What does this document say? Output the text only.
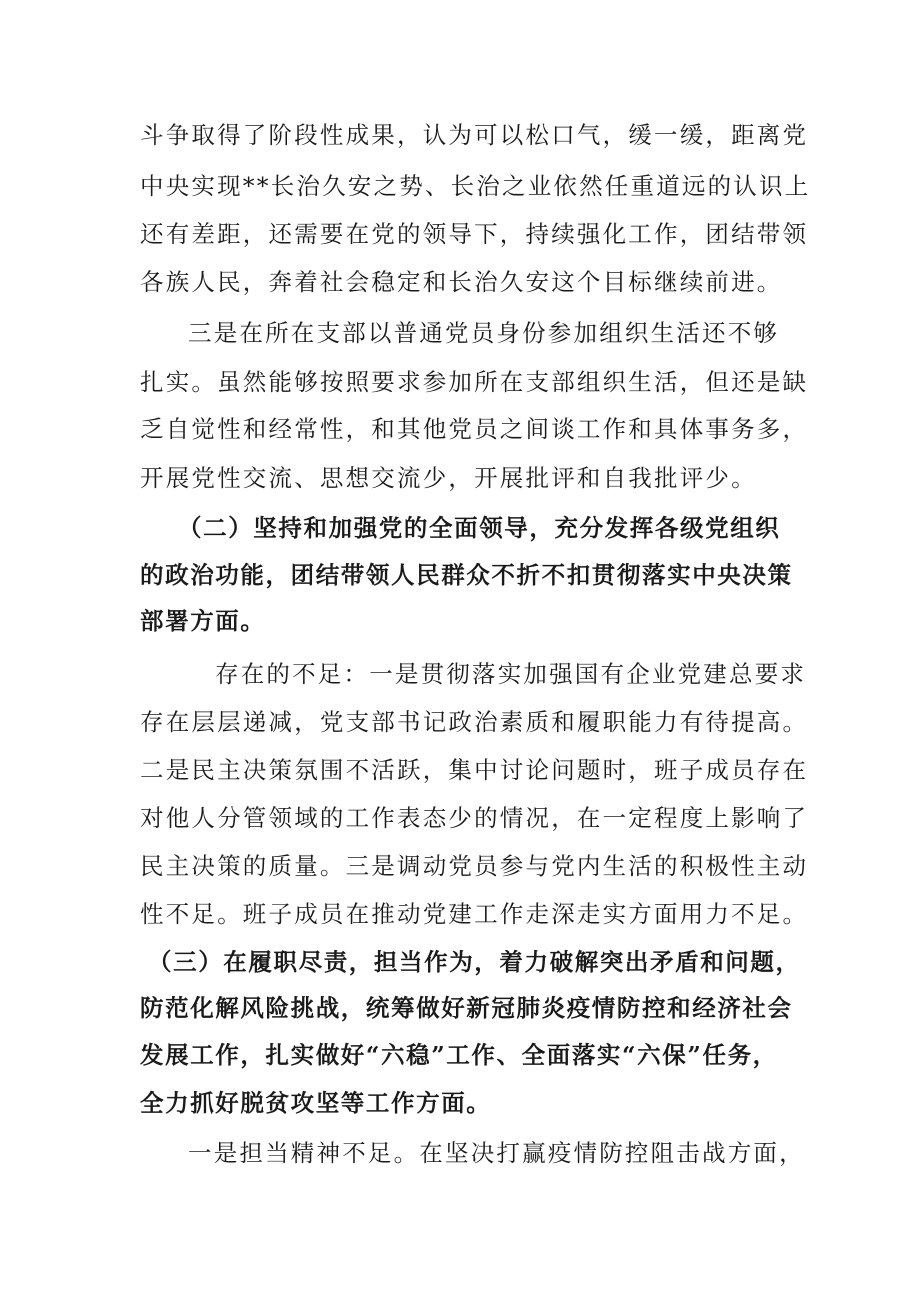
斗争取得了阶段性成果，认为可以松口气，缓一缓，距离党
中央实现**长治久安之势、长治之业依然任重道远的认识上
还有差距，还需要在党的领导下，持续强化工作，团结带领
各族人民，奔着社会稳定和长治久安这个目标继续前进。
三是在所在支部以普通党员身份参加组织生活还不够
扎实。虽然能够按照要求参加所在支部组织生活，但还是缺
乏自觉性和经常性，和其他党员之间谈工作和具体事务多，
开展党性交流、思想交流少，开展批评和自我批评少。
（二）坚持和加强党的全面领导，充分发挥各级党组织
的政治功能，团结带领人民群众不折不扣贯彻落实中央决策
部署方面。
存在的不足：一是贯彻落实加强国有企业党建总要求
存在层层递减，党支部书记政治素质和履职能力有待提高。
二是民主决策氛围不活跃，集中讨论问题时，班子成员存在
对他人分管领域的工作表态少的情况，在一定程度上影响了
民主决策的质量。三是调动党员参与党内生活的积极性主动
性不足。班子成员在推动党建工作走深走实方面用力不足。
（三）在履职尽责，担当作为，着力破解突出矛盾和问题，
防范化解风险挑战，统筹做好新冠肺炎疫情防控和经济社会
发展工作，扎实做好“六稳”工作、全面落实“六保”任务，
全力抓好脱贫攻坚等工作方面。
一是担当精神不足。在坚决打赢疫情防控阻击战方面，
